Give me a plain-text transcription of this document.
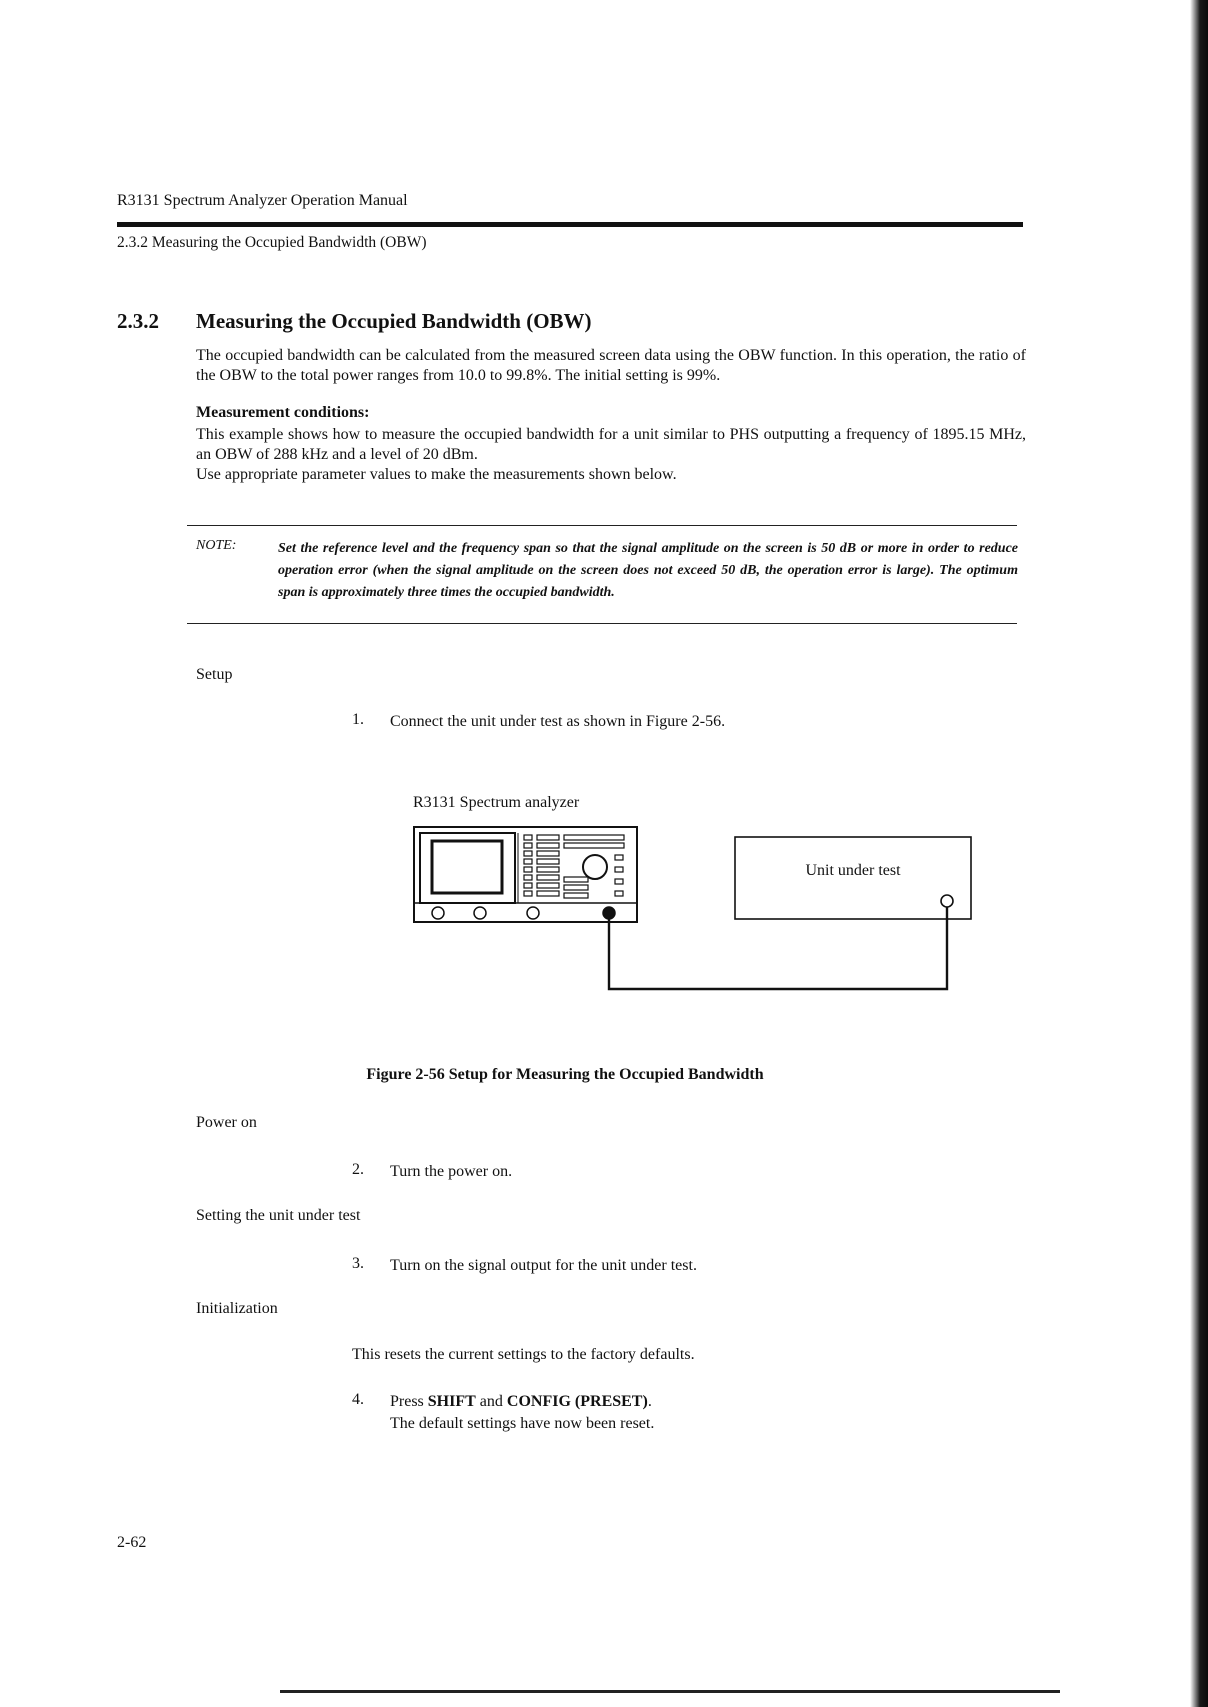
R3131 Spectrum Analyzer Operation Manual
2.3.2 Measuring the Occupied Bandwidth (OBW)
2.3.2 Measuring the Occupied Bandwidth (OBW)
The occupied bandwidth can be calculated from the measured screen data using the OBW function. In this operation, the ratio of the OBW to the total power ranges from 10.0 to 99.8%. The initial setting is 99%.
Measurement conditions:
This example shows how to measure the occupied bandwidth for a unit similar to PHS outputting a frequency of 1895.15 MHz, an OBW of 288 kHz and a level of 20 dBm.
Use appropriate parameter values to make the measurements shown below.
NOTE:	Set the reference level and the frequency span so that the signal amplitude on the screen is 50 dB or more in order to reduce operation error (when the signal amplitude on the screen does not exceed 50 dB, the operation error is large). The optimum span is approximately three times the occupied bandwidth.
Setup
1. Connect the unit under test as shown in Figure 2-56.
R3131 Spectrum analyzer
Unit under test
Figure 2-56 Setup for Measuring the Occupied Bandwidth
Power on
2. Turn the power on.
Setting the unit under test
3. Turn on the signal output for the unit under test.
Initialization
This resets the current settings to the factory defaults.
4. Press SHIFT and CONFIG (PRESET).
The default settings have now been reset.
2-62
